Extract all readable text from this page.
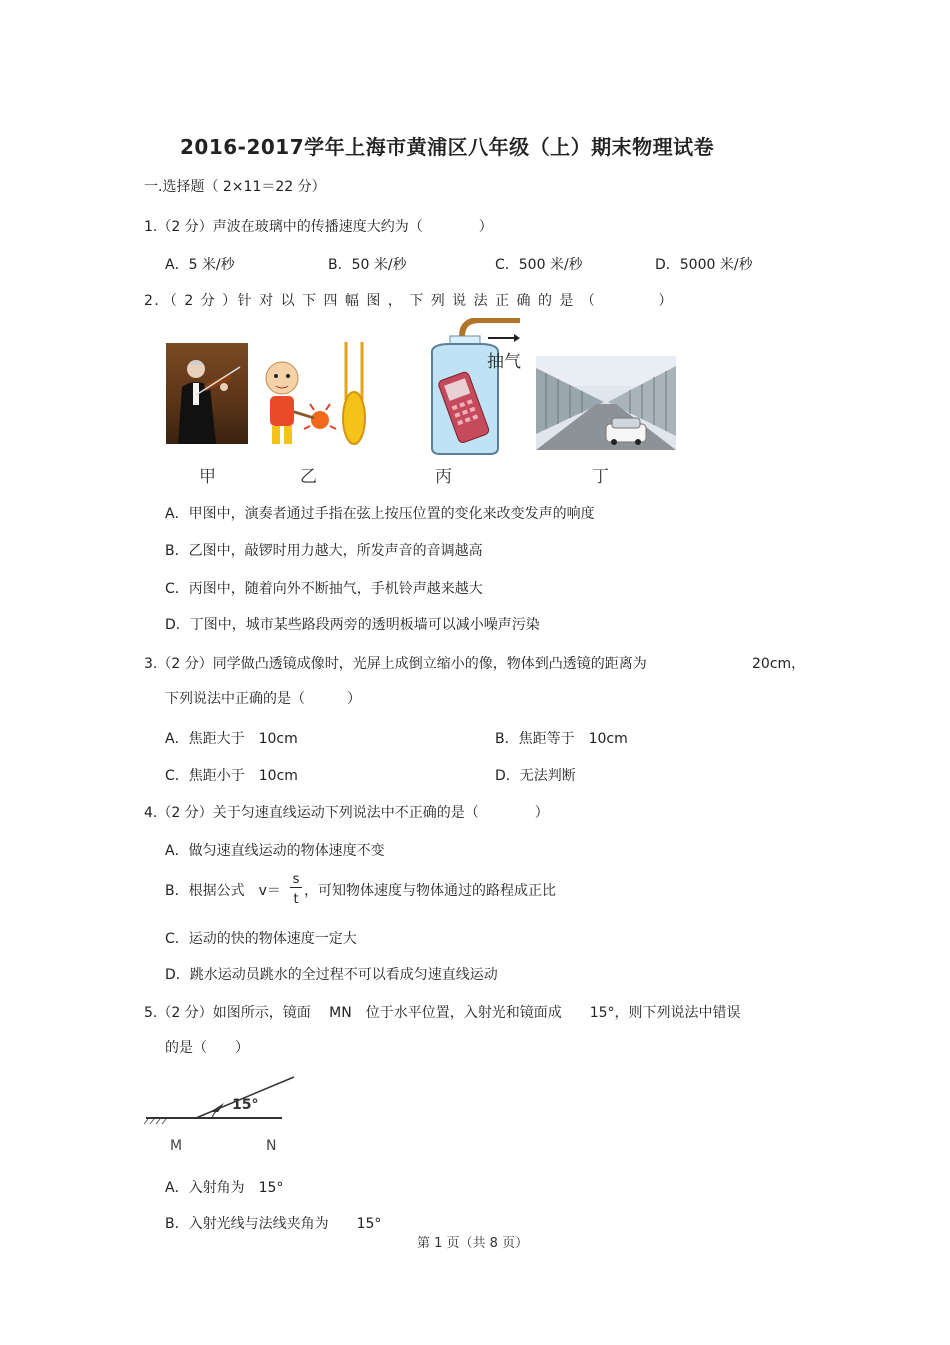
2016-2017学年上海市黄浦区八年级（上）期末物理试卷
一.选择题（ 2×11＝22 分）
1.（2 分）声波在玻璃中的传播速度大约为（　　　　）
A．5 米/秒	B．50 米/秒	C．500 米/秒	D．5000 米/秒
2．（ 2 分 ）针 对 以 下 四 幅 图 ， 下 列 说 法 正 确 的 是 （　　　　）
抽气
甲	乙	丙	丁
A．甲图中，演奏者通过手指在弦上按压位置的变化来改变发声的响度
B．乙图中，敲锣时用力越大，所发声音的音调越高
C．丙图中，随着向外不断抽气，手机铃声越来越大
D．丁图中，城市某些路段两旁的透明板墙可以减小噪声污染
3.（2 分）同学做凸透镜成像时，光屏上成倒立缩小的像，物体到凸透镜的距离为	20cm，
下列说法中正确的是（　　　）
A．焦距大于　10cm	B．焦距等于　10cm
C．焦距小于　10cm	D．无法判断
4.（2 分）关于匀速直线运动下列说法中不正确的是（　　　　）
A．做匀速直线运动的物体速度不变
B．根据公式　v＝
s
t
，可知物体速度与物体通过的路程成正比
C．运动的快的物体速度一定大
D．跳水运动员跳水的全过程不可以看成匀速直线运动
5.（2 分）如图所示，镜面　 MN　位于水平位置，入射光和镜面成　　15°，则下列说法中错误
的是（　　）
15°
M	N
A．入射角为　15°
B．入射光线与法线夹角为　　15°
第 1 页（共 8 页）
